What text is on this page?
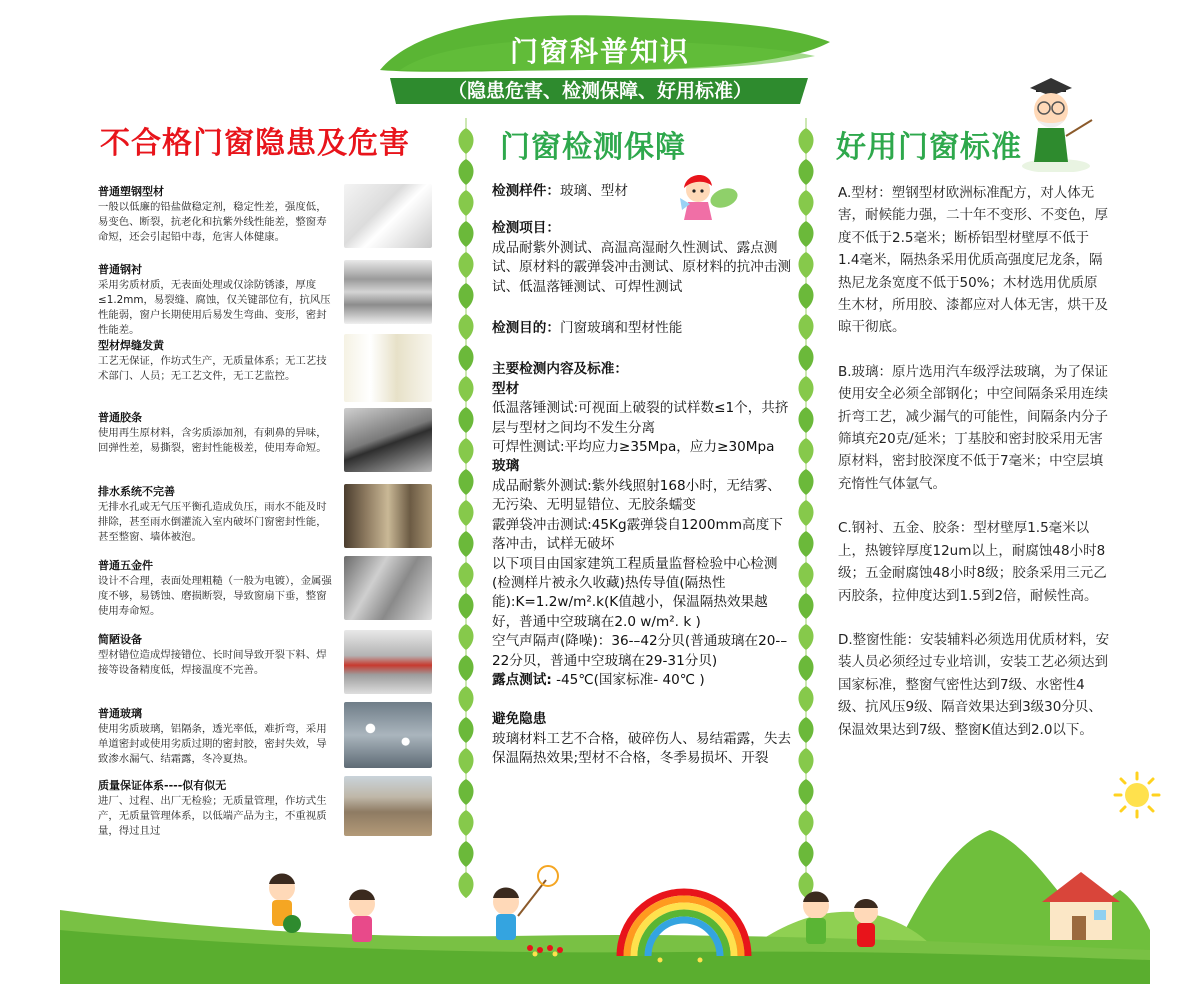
门窗科普知识
（隐患危害、检测保障、好用标准）
不合格门窗隐患及危害
普通塑钢型材
一般以低廉的铅盐做稳定剂，稳定性差，强度低，易变色、断裂，抗老化和抗紫外线性能差，整窗寿命短，还会引起铅中毒，危害人体健康。
普通钢衬
采用劣质材质，无表面处理或仅涂防锈漆，厚度≤1.2mm，易裂缝、腐蚀，仅关键部位有，抗风压性能弱，窗户长期使用后易发生弯曲、变形，密封性能差。
型材焊缝发黄
工艺无保证，作坊式生产，无质量体系；无工艺技术部门、人员；无工艺文件，无工艺监控。
普通胶条
使用再生原材料，含劣质添加剂，有刺鼻的异味，回弹性差，易撕裂，密封性能极差，使用寿命短。
排水系统不完善
无排水孔或无气压平衡孔造成负压，雨水不能及时排除，甚至雨水倒灌流入室内破坏门窗密封性能，甚至整窗、墙体被泡。
普通五金件
设计不合理，表面处理粗糙（一般为电镀），金属强度不够，易锈蚀、磨损断裂，导致窗扇下垂，整窗使用寿命短。
简陋设备
型材错位造成焊接错位、长时间导致开裂下料、焊接等设备精度低，焊接温度不完善。
普通玻璃
使用劣质玻璃，铝隔条，透光率低，难折弯，采用单道密封或使用劣质过期的密封胶，密封失效，导致渗水漏气、结霜露，冬冷夏热。
质量保证体系----似有似无
进厂、过程、出厂无检验；无质量管理，作坊式生产，无质量管理体系，以低端产品为主，不重视质量，得过且过
门窗检测保障
检测样件：玻璃、型材
检测项目：
成品耐紫外测试、高温高湿耐久性测试、露点测试、原材料的霰弹袋冲击测试、原材料的抗冲击测试、低温落锤测试、可焊性测试
检测目的：门窗玻璃和型材性能
主要检测内容及标准：
型材
低温落锤测试:可视面上破裂的试样数≤1个，共挤层与型材之间均不发生分离
可焊性测试:平均应力≥35Mpa，应力≥30Mpa
玻璃
成品耐紫外测试:紫外线照射168小时，无结雾、无污染、无明显错位、无胶条蠕变
霰弹袋冲击测试:45Kg霰弹袋自1200mm高度下落冲击，试样无破坏
以下项目由国家建筑工程质量监督检验中心检测(检测样片被永久收藏)热传导值(隔热性能):K=1.2w/m².k(K值越小，保温隔热效果越好，普通中空玻璃在2.0 w/m². k )
空气声隔声(降噪)：36-–42分贝(普通玻璃在20-–22分贝，普通中空玻璃在29-31分贝)
露点测试: -45℃(国家标准- 40℃ )
避免隐患
玻璃材料工艺不合格，破碎伤人、易结霜露，失去保温隔热效果;型材不合格，冬季易损坏、开裂
好用门窗标准

A.型材：塑钢型材欧洲标准配方，对人体无害，耐候能力强，二十年不变形、不变色，厚度不低于2.5毫米；断桥铝型材壁厚不低于1.4毫米，隔热条采用优质高强度尼龙条，隔热尼龙条宽度不低于50%；木材选用优质原生木材，所用胶、漆都应对人体无害，烘干及晾干彻底。

B.玻璃：原片选用汽车级浮法玻璃，为了保证使用安全必须全部钢化；中空间隔条采用连续折弯工艺，减少漏气的可能性，间隔条内分子筛填充20克/延米；丁基胶和密封胶采用无害原材料，密封胶深度不低于7毫米；中空层填充惰性气体氩气。

C.钢衬、五金、胶条：型材壁厚1.5毫米以上，热镀锌厚度12um以上，耐腐蚀48小时8级；五金耐腐蚀48小时8级；胶条采用三元乙丙胶条，拉伸度达到1.5到2倍，耐候性高。

D.整窗性能：安装辅料必须选用优质材料，安装人员必须经过专业培训，安装工艺必须达到国家标准，整窗气密性达到7级、水密性4级、抗风压9级、隔音效果达到3级30分贝、保温效果达到7级、整窗K值达到2.0以下。
